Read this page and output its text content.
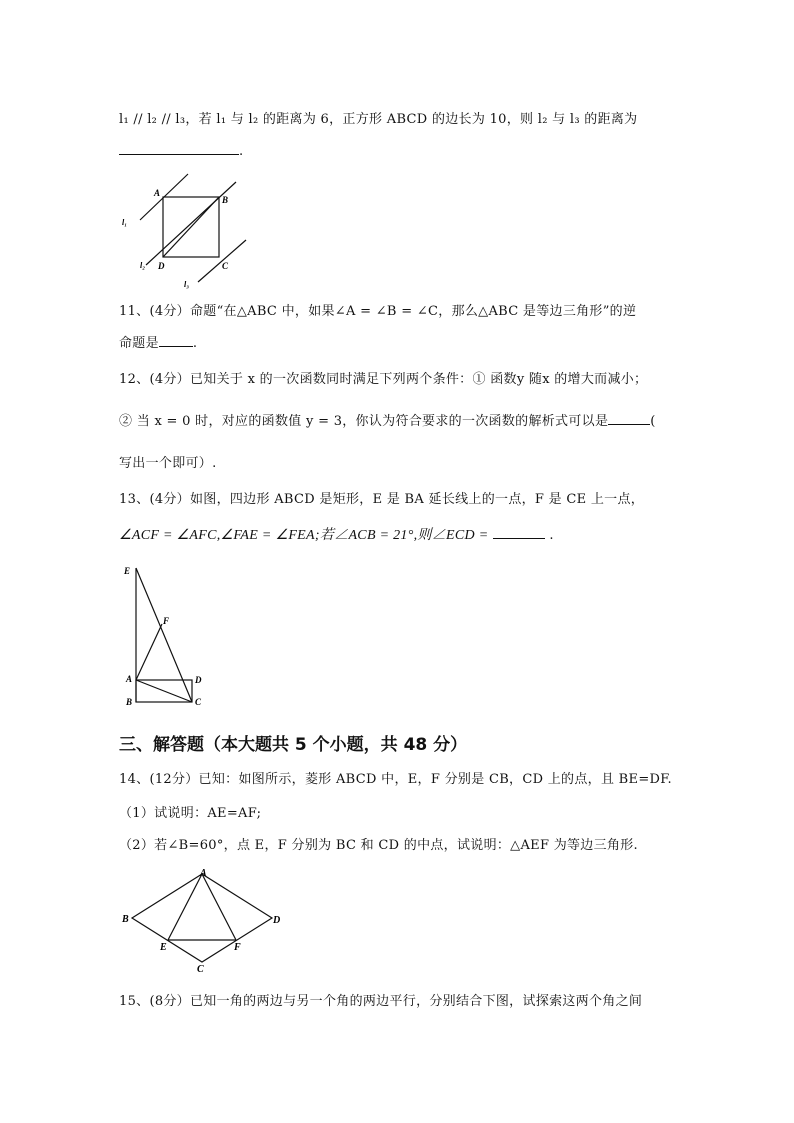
l₁ // l₂ // l₃，若 l₁ 与 l₂ 的距离为 6，正方形 ABCD 的边长为 10，则 l₂ 与 l₃ 的距离为
.
A
B
C
D
l₁
l₂
l₃
11、(4分）命题“在△ABC 中，如果∠A = ∠B = ∠C，那么△ABC 是等边三角形”的逆
命题是	.
12、(4分）已知关于 x 的一次函数同时满足下列两个条件：① 函数y 随x 的增大而减小；
② 当 x = 0 时，对应的函数值 y = 3，你认为符合要求的一次函数的解析式可以是	(
写出一个即可）.
13、(4分）如图，四边形 ABCD 是矩形，E 是 BA 延长线上的一点，F 是 CE 上一点，
∠ACF = ∠AFC,∠FAE = ∠FEA;若∠ACB = 21°,则∠ECD =	.
E
F
A	D
B	C
三、解答题（本大题共 5 个小题，共 48 分）
14、(12分）已知：如图所示，菱形 ABCD 中，E，F 分别是 CB，CD 上的点，且 BE=DF.
（1）试说明：AE=AF;
（2）若∠B=60°，点 E，F 分别为 BC 和 CD 的中点，试说明：△AEF 为等边三角形.
A
B
C
D
E	F
15、(8分）已知一角的两边与另一个角的两边平行，分别结合下图，试探索这两个角之间
